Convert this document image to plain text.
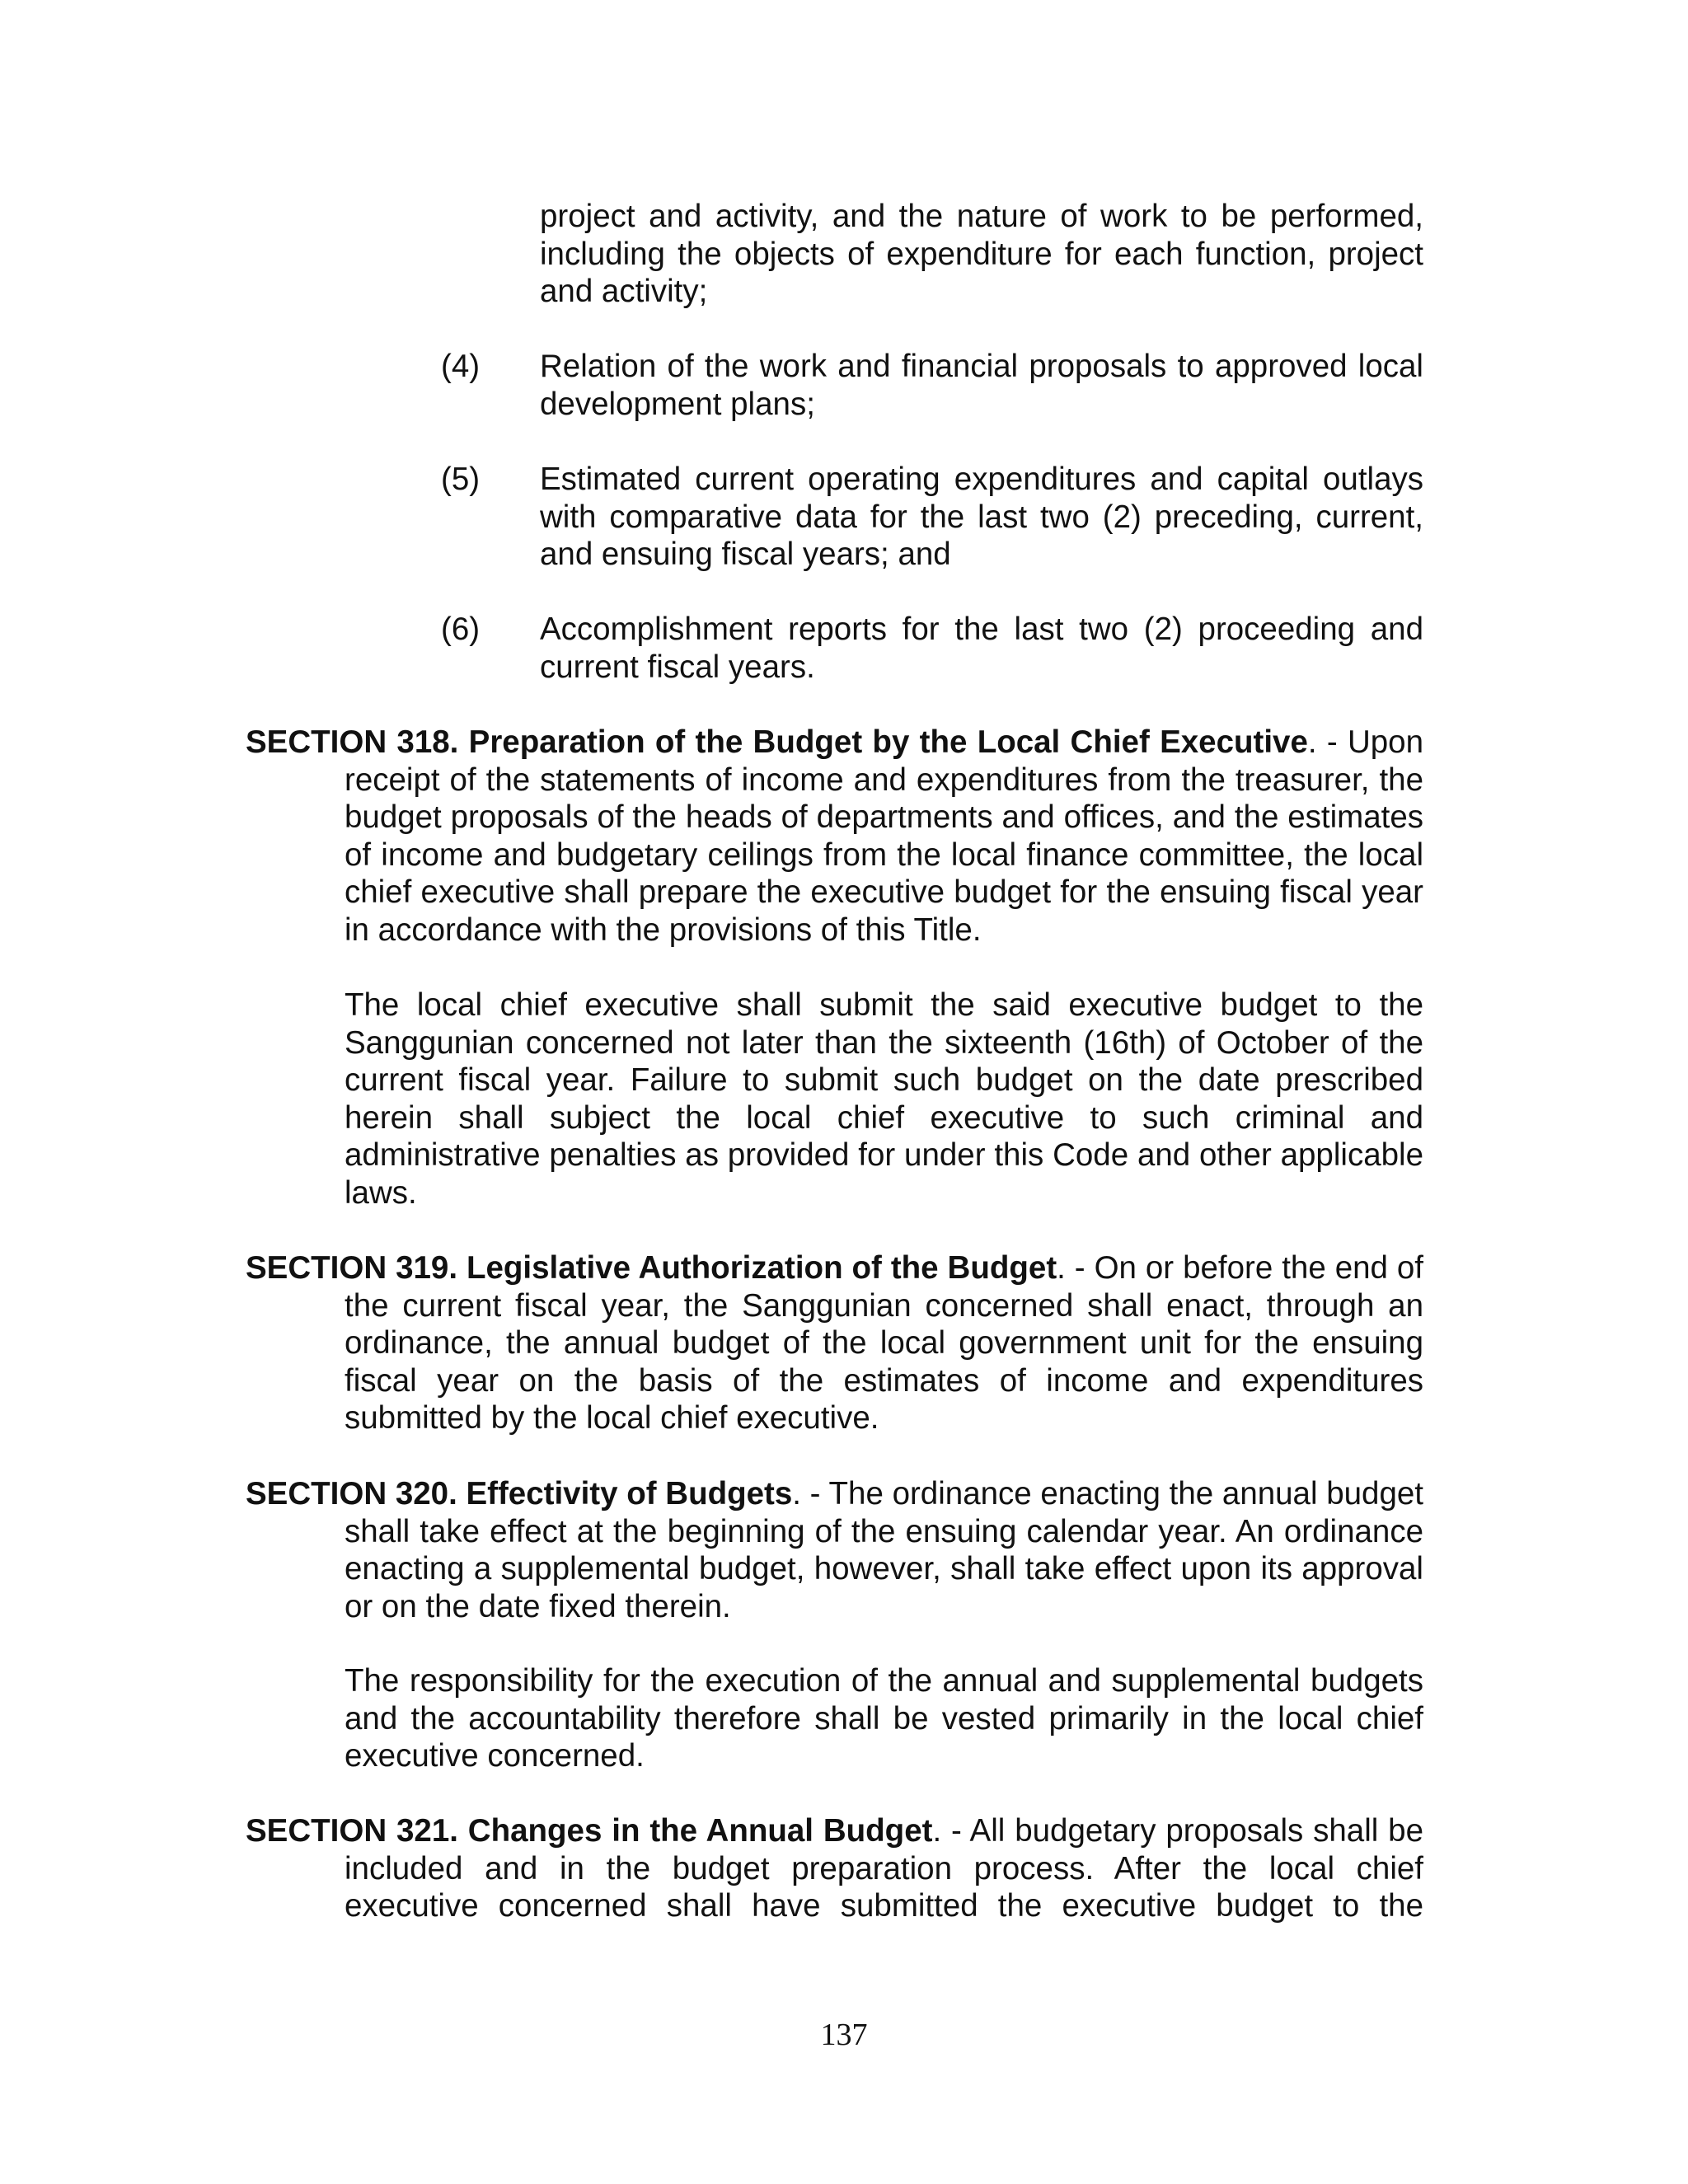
project and activity, and the nature of work to be performed, including the objects of expenditure for each function, project and activity;

(4) Relation of the work and financial proposals to approved local development plans;
(5) Estimated current operating expenditures and capital outlays with comparative data for the last two (2) preceding, current, and ensuing fiscal years; and
(6) Accomplishment reports for the last two (2) proceeding and current fiscal years.

SECTION 318. Preparation of the Budget by the Local Chief Executive. - Upon receipt of the statements of income and expenditures from the treasurer, the budget proposals of the heads of departments and offices, and the estimates of income and budgetary ceilings from the local finance committee, the local chief executive shall prepare the executive budget for the ensuing fiscal year in accordance with the provisions of this Title.

The local chief executive shall submit the said executive budget to the Sanggunian concerned not later than the sixteenth (16th) of October of the current fiscal year. Failure to submit such budget on the date prescribed herein shall subject the local chief executive to such criminal and administrative penalties as provided for under this Code and other applicable laws.

SECTION 319. Legislative Authorization of the Budget. - On or before the end of the current fiscal year, the Sanggunian concerned shall enact, through an ordinance, the annual budget of the local government unit for the ensuing fiscal year on the basis of the estimates of income and expenditures submitted by the local chief executive.

SECTION 320. Effectivity of Budgets. - The ordinance enacting the annual budget shall take effect at the beginning of the ensuing calendar year. An ordinance enacting a supplemental budget, however, shall take effect upon its approval or on the date fixed therein.

The responsibility for the execution of the annual and supplemental budgets and the accountability therefore shall be vested primarily in the local chief executive concerned.

SECTION 321. Changes in the Annual Budget. - All budgetary proposals shall be included and in the budget preparation process. After the local chief executive concerned shall have submitted the executive budget to the

137
